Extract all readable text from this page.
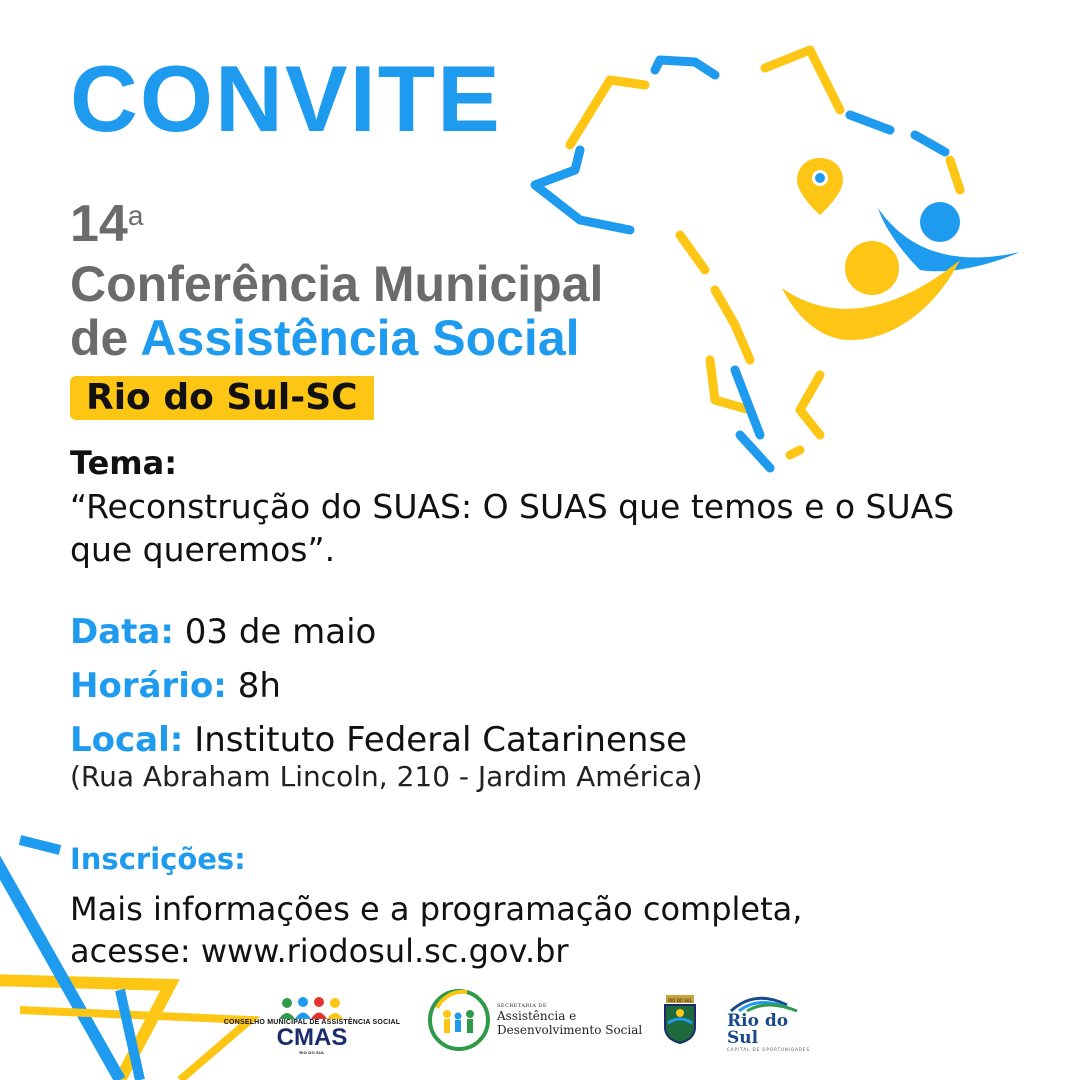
CONVITE
14$^a$
Conferência Municipal
de Assistência Social
Rio do Sul-SC
Tema:
“Reconstrução do SUAS: O SUAS que temos e o SUAS que queremos”.
Data: 03 de maio
Horário: 8h
Local: Instituto Federal Catarinense
(Rua Abraham Lincoln, 210 - Jardim América)
Inscrições:
Mais informações e a programação completa,
acesse: www.riodosul.sc.gov.br
CONSELHO MUNICIPAL DE ASSISTÊNCIA SOCIAL
CMAS
RIO DO SUL
SECRETARIA DE
Assistência e
Desenvolvimento Social
RIO DO SUL
Rio do Sul
CAPITAL DE OPORTUNIDADES
